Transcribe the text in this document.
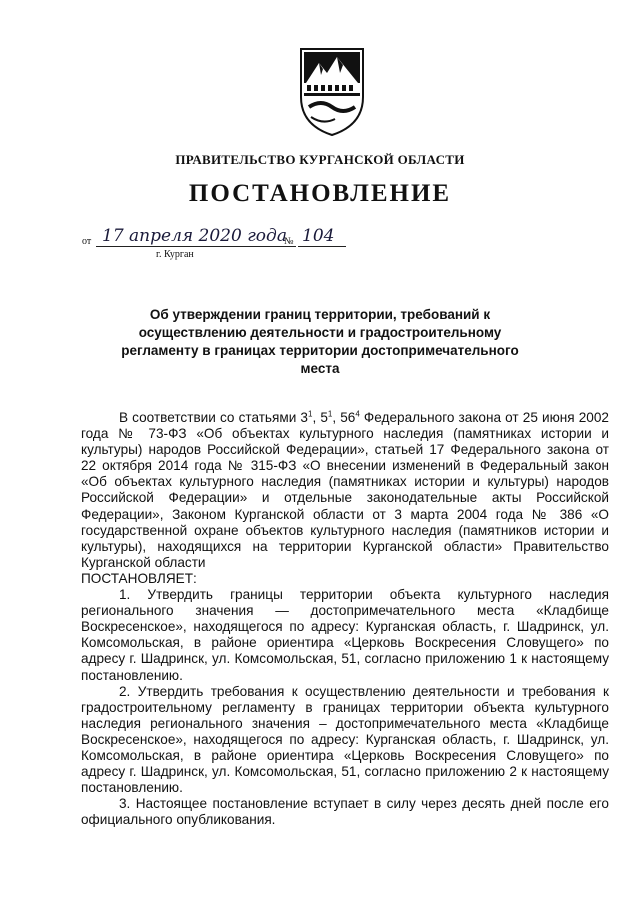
ПРАВИТЕЛЬСТВО КУРГАНСКОЙ ОБЛАСТИ
ПОСТАНОВЛЕНИЕ
от 17 апреля 2020 года
№ 104
г. Курган
Об утверждении границ территории, требований к осуществлению деятельности и градостроительному регламенту в границах территории достопримечательного места

В соответствии со статьями $3^1$, $5^1$, $56^4$ Федерального закона от 25 июня 2002 года № 73-ФЗ «Об объектах культурного наследия (памятниках истории и культуры) народов Российской Федерации», статьей 17 Федерального закона от 22 октября 2014 года № 315-ФЗ «О внесении изменений в Федеральный закон «Об объектах культурного наследия (памятниках истории и культуры) народов Российской Федерации» и отдельные законодательные акты Российской Федерации», Законом Курганской области от 3 марта 2004 года № 386 «О государственной охране объектов культурного наследия (памятников истории и культуры), находящихся на территории Курганской области» Правительство Курганской области

ПОСТАНОВЛЯЕТ:

1. Утвердить границы территории объекта культурного наследия регионального значения — достопримечательного места «Кладбище Воскресенское», находящегося по адресу: Курганская область, г. Шадринск, ул. Комсомольская, в районе ориентира «Церковь Воскресения Словущего» по адресу г. Шадринск, ул. Комсомольская, 51, согласно приложению 1 к настоящему постановлению.

2. Утвердить требования к осуществлению деятельности и требования к градостроительному регламенту в границах территории объекта культурного наследия регионального значения – достопримечательного места «Кладбище Воскресенское», находящегося по адресу: Курганская область, г. Шадринск, ул. Комсомольская, в районе ориентира «Церковь Воскресения Словущего» по адресу г. Шадринск, ул. Комсомольская, 51, согласно приложению 2 к настоящему постановлению.

3. Настоящее постановление вступает в силу через десять дней после его официального опубликования.
